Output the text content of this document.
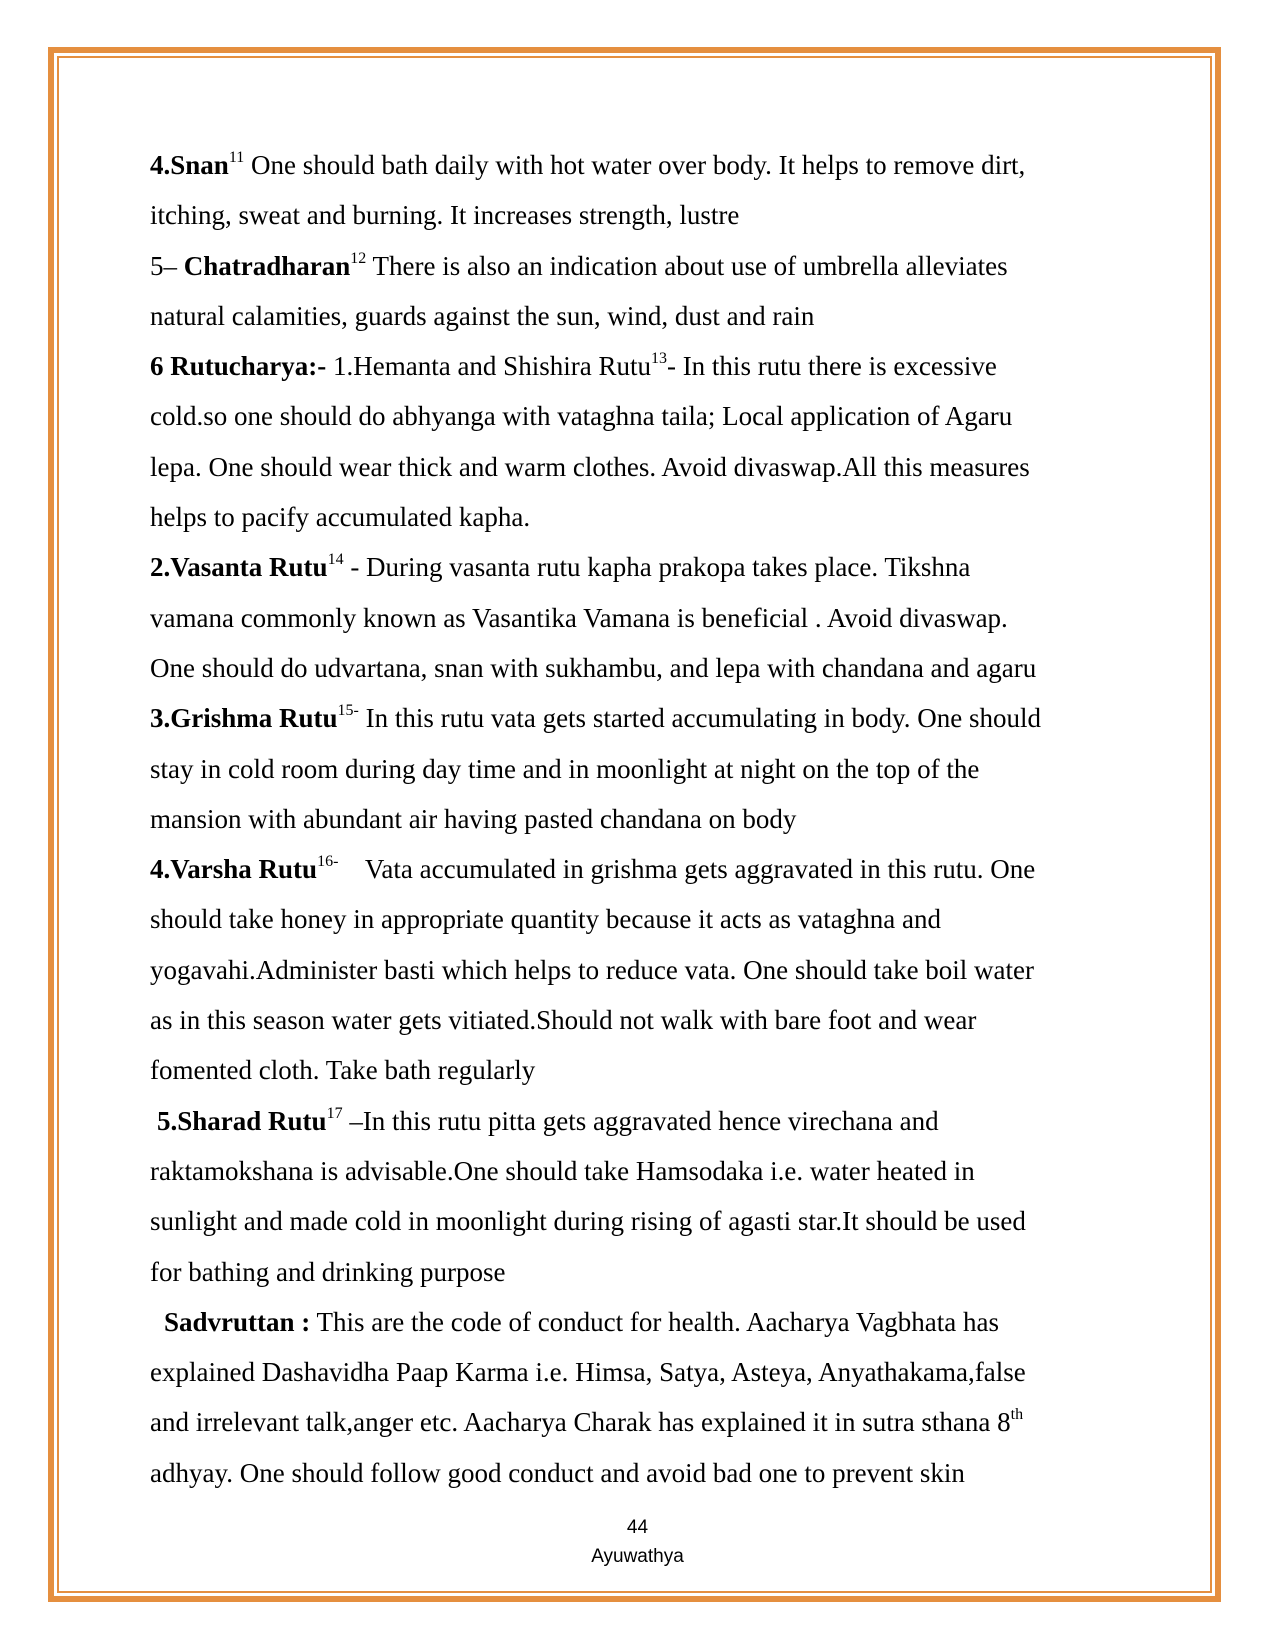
4.Snan$^{11}$ One should bath daily with hot water over body. It helps to remove dirt,

itching, sweat and burning. It increases strength, lustre

5– Chatradharan$^{12}$ There is also an indication about use of umbrella alleviates

natural calamities, guards against the sun, wind, dust and rain

6 Rutucharya:- 1.Hemanta and Shishira Rutu$^{13}$- In this rutu there is excessive

cold.so one should do abhyanga with vataghna taila; Local application of Agaru

lepa. One should wear thick and warm clothes. Avoid divaswap.All this measures

helps to pacify accumulated kapha.

2.Vasanta Rutu$^{14}$ - During vasanta rutu kapha prakopa takes place. Tikshna

vamana commonly known as Vasantika Vamana is beneficial . Avoid divaswap.

One should do udvartana, snan with sukhambu, and lepa with chandana and agaru

3.Grishma Rutu$^{15-}$ In this rutu vata gets started accumulating in body. One should

stay in cold room during day time and in moonlight at night on the top of the

mansion with abundant air having pasted chandana on body

4.Varsha Rutu$^{16-}$    Vata accumulated in grishma gets aggravated in this rutu. One

should take honey in appropriate quantity because it acts as vataghna and

yogavahi.Administer basti which helps to reduce vata. One should take boil water

as in this season water gets vitiated.Should not walk with bare foot and wear

fomented cloth. Take bath regularly

5.Sharad Rutu$^{17}$ –In this rutu pitta gets aggravated hence virechana and

raktamokshana is advisable.One should take Hamsodaka i.e. water heated in

sunlight and made cold in moonlight during rising of agasti star.It should be used

for bathing and drinking purpose

Sadvruttan : This are the code of conduct for health. Aacharya Vagbhata has

explained Dashavidha Paap Karma i.e. Himsa, Satya, Asteya, Anyathakama,false

and irrelevant talk,anger etc. Aacharya Charak has explained it in sutra sthana 8th

adhyay. One should follow good conduct and avoid bad one to prevent skin

44
Ayuwathya
